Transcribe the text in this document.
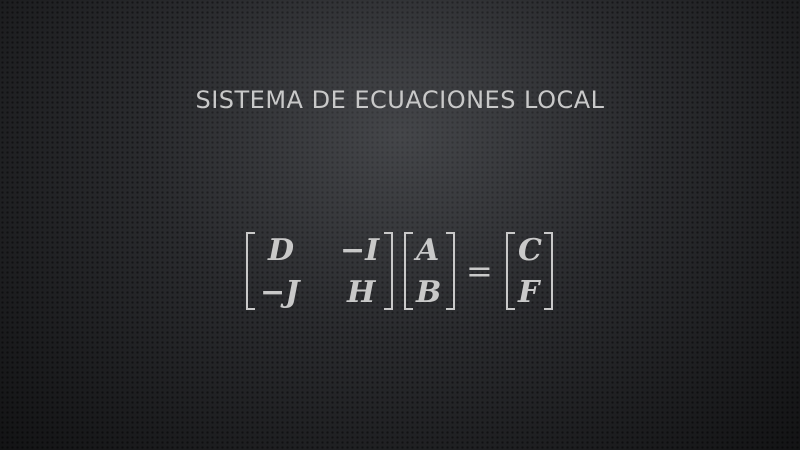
SISTEMA DE ECUACIONES LOCAL
D −I
−J H
A
B
=
C
F
